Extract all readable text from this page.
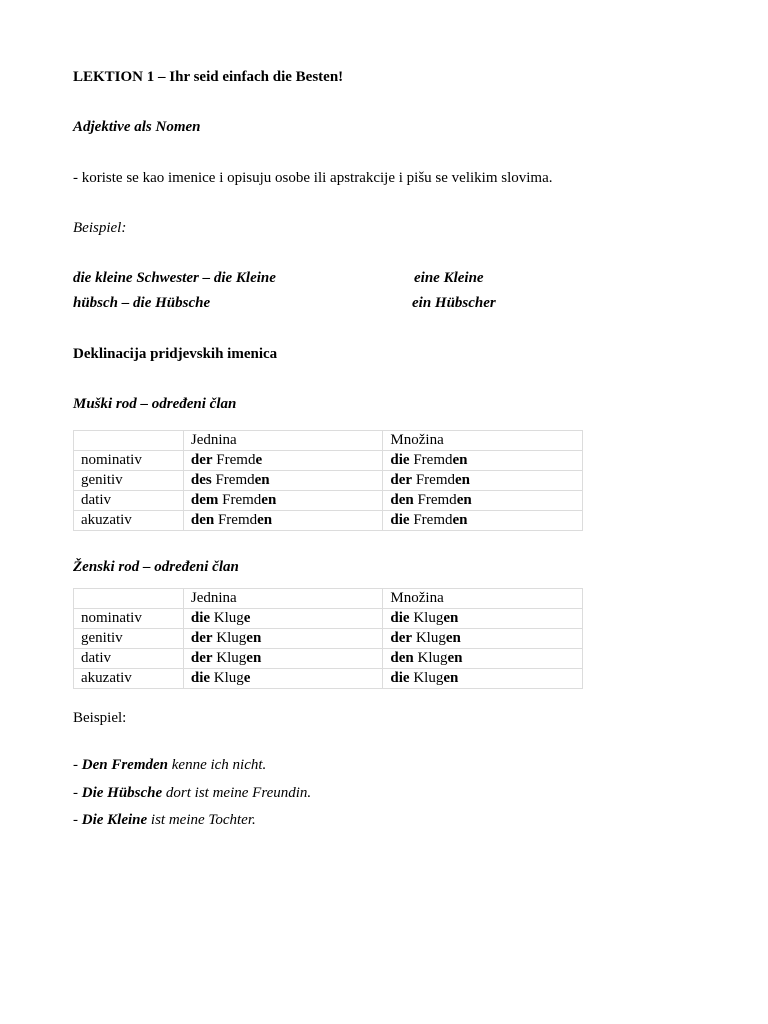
LEKTION 1 – Ihr seid einfach die Besten!
Adjektive als Nomen
- koriste se kao imenice i opisuju osobe ili apstrakcije i pišu se velikim slovima.
Beispiel:
die kleine Schwester – die Kleine	eine Kleine
hübsch – die Hübsche	ein Hübscher
Deklinacija pridjevskih imenica
Muški rod – određeni član
	Jednina	Množina
nominativ	der Fremde	die Fremden
genitiv	des Fremden	der Fremden
dativ	dem Fremden	den Fremden
akuzativ	den Fremden	die Fremden
Ženski rod – određeni član
	Jednina	Množina
nominativ	die Kluge	die Klugen
genitiv	der Klugen	der Klugen
dativ	der Klugen	den Klugen
akuzativ	die Kluge	die Klugen
Beispiel:
- Den Fremden kenne ich nicht.
- Die Hübsche dort ist meine Freundin.
- Die Kleine ist meine Tochter.
